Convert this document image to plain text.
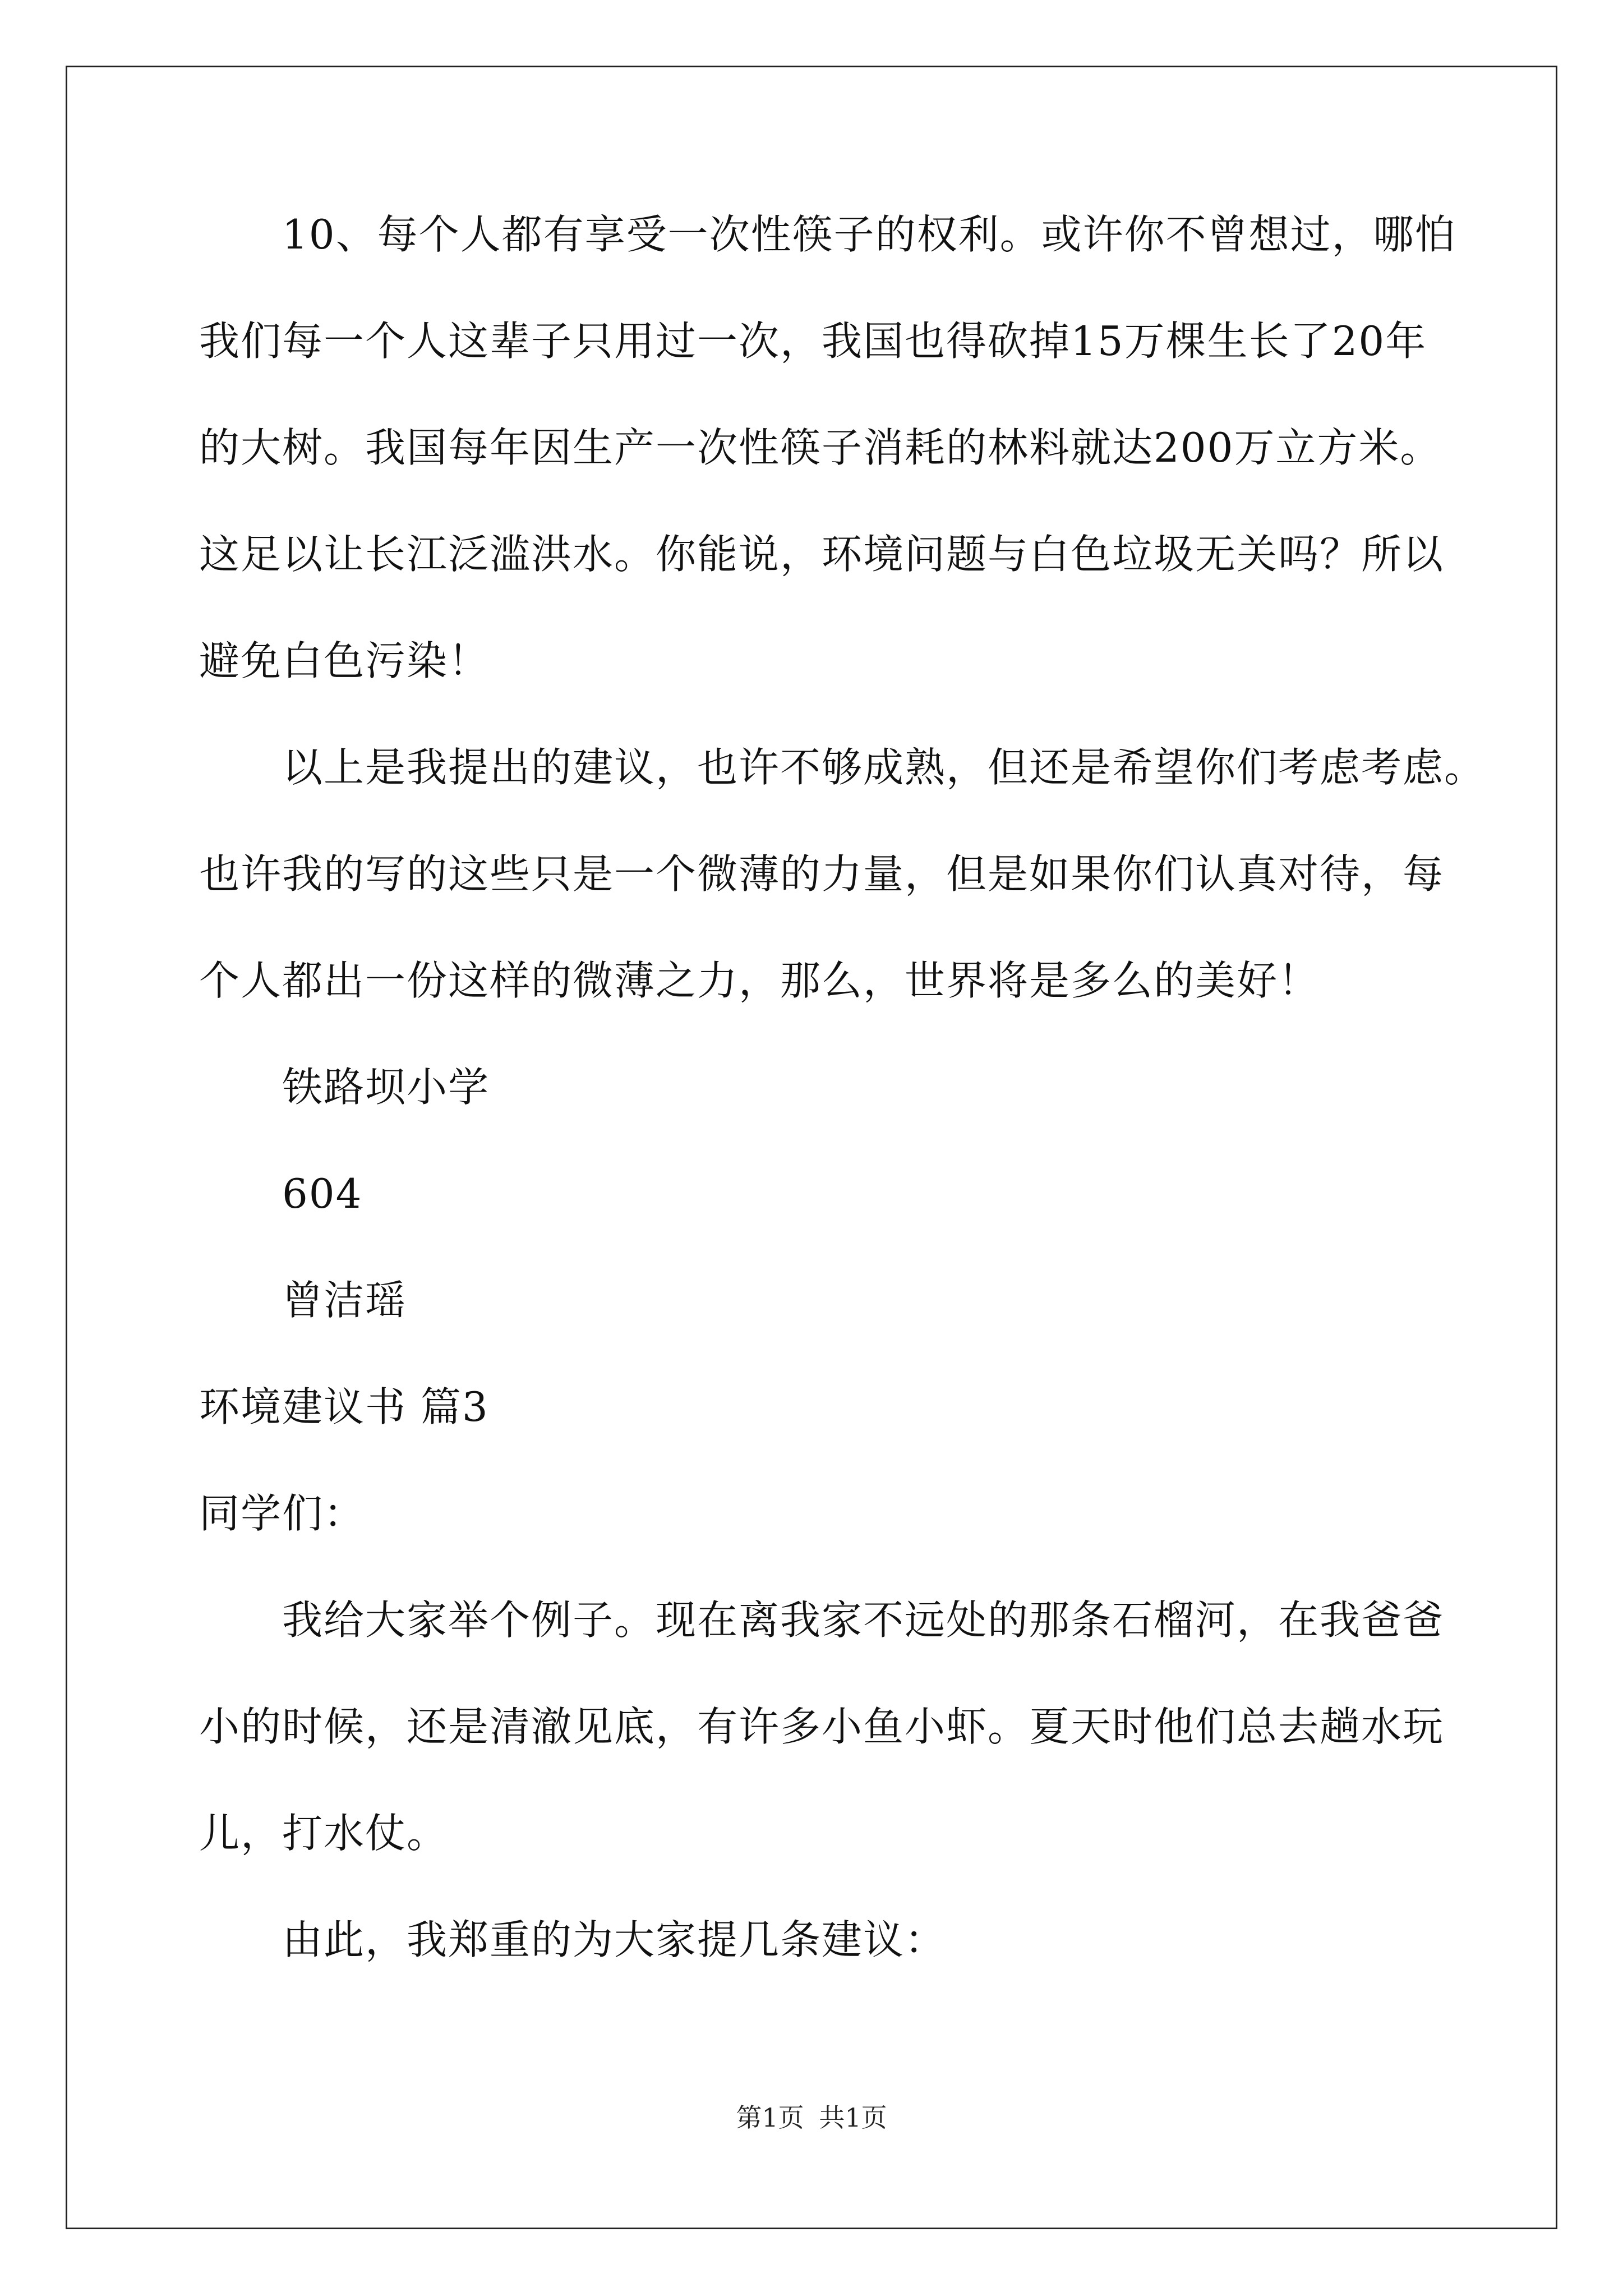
10、每个人都有享受一次性筷子的权利。或许你不曾想过，哪怕
我们每一个人这辈子只用过一次，我国也得砍掉15万棵生长了20年
的大树。我国每年因生产一次性筷子消耗的林料就达200万立方米。
这足以让长江泛滥洪水。你能说，环境问题与白色垃圾无关吗？所以
避免白色污染！
以上是我提出的建议，也许不够成熟，但还是希望你们考虑考虑。
也许我的写的这些只是一个微薄的力量，但是如果你们认真对待，每
个人都出一份这样的微薄之力，那么，世界将是多么的美好！
铁路坝小学
604
曾洁瑶
环境建议书 篇3
同学们：
我给大家举个例子。现在离我家不远处的那条石榴河，在我爸爸
小的时候，还是清澈见底，有许多小鱼小虾。夏天时他们总去趟水玩
儿，打水仗。
由此，我郑重的为大家提几条建议：
第1页 共1页
